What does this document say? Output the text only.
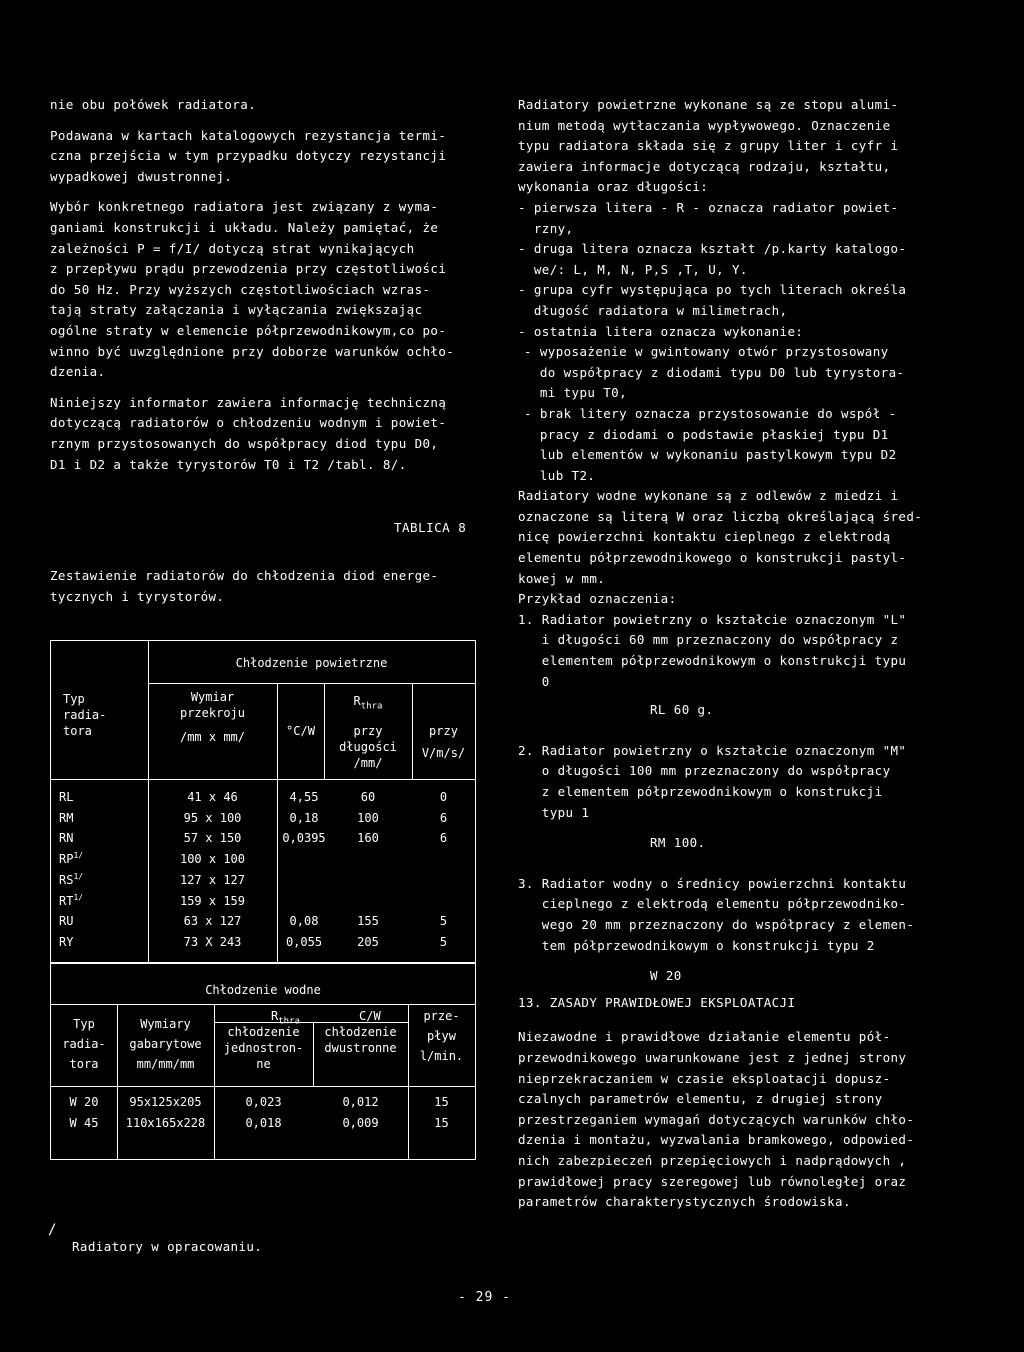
nie obu połówek radiatora.

Podawana w kartach katalogowych rezystancja termi-
czna przejścia w tym przypadku dotyczy rezystancji
wypadkowej dwustronnej.

Wybór konkretnego radiatora jest związany z wyma-
ganiami konstrukcji i układu. Należy pamiętać, że
zależności P = f/I/ dotyczą strat wynikających
z przepływu prądu przewodzenia przy częstotliwości
do 50 Hz. Przy wyższych częstotliwościach wzras-
tają straty załączania i wyłączania zwiększając
ogólne straty w elemencie półprzewodnikowym,co po-
winno być uwzględnione przy doborze warunków ochło-
dzenia.

Niniejszy informator zawiera informację techniczną
dotyczącą radiatorów o chłodzeniu wodnym i powiet-
rznym przystosowanych do współpracy diod typu D0,
D1 i D2 a także tyrystorów T0 i T2 /tabl. 8/.
TABLICA 8
Zestawienie radiatorów do chłodzenia diod energe-
tycznych i tyrystorów.
Chłodzenie powietrzne
Typ
radia-
tora
Wymiar
przekroju
/mm x mm/	°C/W
$R_{thra}$
przy
długości
/mm/
przy
V/m/s/
RL	41 x 46	4,55	60	0
RM	95 x 100	0,18	100	6
RN	57 x 150	0,0395	160	6
$RP^{1/}$	100 x 100
$RS^{1/}$	127 x 127
$RT^{1/}$	159 x 159
RU	63 x 127	0,08	155	5
RY	73 X 243	0,055	205	5
Chłodzenie wodne
Typ
radia-
tora
Wymiary
gabarytowe
mm/mm/mm
$R_{thra}$	C/W
chłodzenie
jednostron-
ne
chłodzenie
dwustronne
prze-
pływ
l/min.
W 20	95x125x205	0,023	0,012	15
W 45	110x165x228	0,018	0,009	15
/
Radiatory w opracowaniu.
Radiatory powietrzne wykonane są ze stopu alumi-
nium metodą wytłaczania wypływowego. Oznaczenie
typu radiatora składa się z grupy liter i cyfr i
zawiera informacje dotyczącą rodzaju, kształtu,
wykonania oraz długości:
- pierwsza litera - R - oznacza radiator powiet-
rzny,
- druga litera oznacza kształt /p.karty katalogo-
we/: L, M, N, P,S ,T, U, Y.
- grupa cyfr występująca po tych literach określa
długość radiatora w milimetrach,
- ostatnia litera oznacza wykonanie:
- wyposażenie w gwintowany otwór przystosowany
do współpracy z diodami typu D0 lub tyrystora-
mi typu T0,
- brak litery oznacza przystosowanie do współ -
pracy z diodami o podstawie płaskiej typu D1
lub elementów w wykonaniu pastylkowym typu D2
lub T2.
Radiatory wodne wykonane są z odlewów z miedzi i
oznaczone są literą W oraz liczbą określającą śred-
nicę powierzchni kontaktu cieplnego z elektrodą
elementu półprzewodnikowego o konstrukcji pastyl-
kowej w mm.
Przykład oznaczenia:
1. Radiator powietrzny o kształcie oznaczonym "L"
i długości 60 mm przeznaczony do współpracy z
elementem półprzewodnikowym o konstrukcji typu
0
RL 60 g.
2. Radiator powietrzny o kształcie oznaczonym "M"
o długości 100 mm przeznaczony do współpracy
z elementem półprzewodnikowym o konstrukcji
typu 1
RM 100.
3. Radiator wodny o średnicy powierzchni kontaktu
cieplnego z elektrodą elementu półprzewodniko-
wego 20 mm przeznaczony do współpracy z elemen-
tem półprzewodnikowym o konstrukcji typu 2
W 20
13. ZASADY PRAWIDŁOWEJ EKSPLOATACJI
Niezawodne i prawidłowe działanie elementu pół-
przewodnikowego uwarunkowane jest z jednej strony
nieprzekraczaniem w czasie eksploatacji dopusz-
czalnych parametrów elementu, z drugiej strony
przestrzeganiem wymagań dotyczących warunków chło-
dzenia i montażu, wyzwalania bramkowego, odpowied-
nich zabezpieczeń przepięciowych i nadprądowych ,
prawidłowej pracy szeregowej lub równoległej oraz
parametrów charakterystycznych środowiska.
- 29 -
